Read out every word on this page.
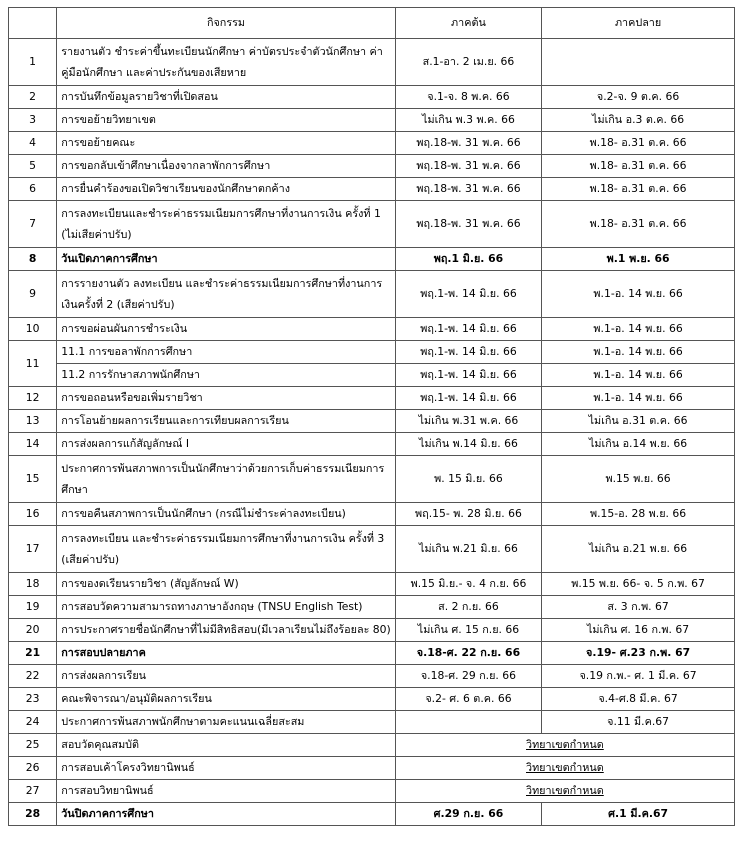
	กิจกรรม	ภาคต้น	ภาคปลาย
1	รายงานตัว ชำระค่าขึ้นทะเบียนนักศึกษา ค่าบัตรประจำตัวนักศึกษา ค่าคู่มือนักศึกษา และค่าประกันของเสียหาย	ส.1-อา. 2 เม.ย. 66	
2	การบันทึกข้อมูลรายวิชาที่เปิดสอน	จ.1-จ. 8 พ.ค. 66	จ.2-จ. 9 ต.ค. 66
3	การขอย้ายวิทยาเขต	ไม่เกิน พ.3 พ.ค. 66	ไม่เกิน อ.3 ต.ค. 66
4	การขอย้ายคณะ	พฤ.18-พ. 31 พ.ค. 66	พ.18- อ.31 ต.ค. 66
5	การขอกลับเข้าศึกษาเนื่องจากลาพักการศึกษา	พฤ.18-พ. 31 พ.ค. 66	พ.18- อ.31 ต.ค. 66
6	การยื่นคำร้องขอเปิดวิชาเรียนของนักศึกษาตกค้าง	พฤ.18-พ. 31 พ.ค. 66	พ.18- อ.31 ต.ค. 66
7	การลงทะเบียนและชำระค่าธรรมเนียมการศึกษาที่งานการเงิน ครั้งที่ 1 (ไม่เสียค่าปรับ)	พฤ.18-พ. 31 พ.ค. 66	พ.18- อ.31 ต.ค. 66
8	วันเปิดภาคการศึกษา	พฤ.1 มิ.ย. 66	พ.1 พ.ย. 66
9	การรายงานตัว ลงทะเบียน และชำระค่าธรรมเนียมการศึกษาที่งานการเงินครั้งที่ 2 (เสียค่าปรับ)	พฤ.1-พ. 14 มิ.ย. 66	พ.1-อ. 14 พ.ย. 66
10	การขอผ่อนผันการชำระเงิน	พฤ.1-พ. 14 มิ.ย. 66	พ.1-อ. 14 พ.ย. 66
11	11.1 การขอลาพักการศึกษา	พฤ.1-พ. 14 มิ.ย. 66	พ.1-อ. 14 พ.ย. 66
	11.2 การรักษาสภาพนักศึกษา	พฤ.1-พ. 14 มิ.ย. 66	พ.1-อ. 14 พ.ย. 66
12	การขอถอนหรือขอเพิ่มรายวิชา	พฤ.1-พ. 14 มิ.ย. 66	พ.1-อ. 14 พ.ย. 66
13	การโอนย้ายผลการเรียนและการเทียบผลการเรียน	ไม่เกิน พ.31 พ.ค. 66	ไม่เกิน อ.31 ต.ค. 66
14	การส่งผลการแก้สัญลักษณ์ I	ไม่เกิน พ.14 มิ.ย. 66	ไม่เกิน อ.14 พ.ย. 66
15	ประกาศการพ้นสภาพการเป็นนักศึกษาว่าด้วยการเก็บค่าธรรมเนียมการศึกษา	พ. 15 มิ.ย. 66	พ.15 พ.ย. 66
16	การขอคืนสภาพการเป็นนักศึกษา (กรณีไม่ชำระค่าลงทะเบียน)	พฤ.15- พ. 28 มิ.ย. 66	พ.15-อ. 28 พ.ย. 66
17	การลงทะเบียน และชำระค่าธรรมเนียมการศึกษาที่งานการเงิน ครั้งที่ 3 (เสียค่าปรับ)	ไม่เกิน พ.21 มิ.ย. 66	ไม่เกิน อ.21 พ.ย. 66
18	การของดเรียนรายวิชา (สัญลักษณ์ W)	พ.15 มิ.ย.- จ. 4 ก.ย. 66	พ.15 พ.ย. 66- จ. 5 ก.พ. 67
19	การสอบวัดความสามารถทางภาษาอังกฤษ (TNSU English Test)	ส. 2 ก.ย. 66	ส. 3 ก.พ. 67
20	การประกาศรายชื่อนักศึกษาที่ไม่มีสิทธิสอบ(มีเวลาเรียนไม่ถึงร้อยละ 80)	ไม่เกิน ศ. 15 ก.ย. 66	ไม่เกิน ศ. 16 ก.พ. 67
21	การสอบปลายภาค	จ.18-ศ. 22 ก.ย. 66	จ.19- ศ.23 ก.พ. 67
22	การส่งผลการเรียน	จ.18-ศ. 29 ก.ย. 66	จ.19 ก.พ.- ศ. 1 มี.ค. 67
23	คณะพิจารณา/อนุมัติผลการเรียน	จ.2- ศ. 6 ต.ค. 66	จ.4-ศ.8 มี.ค. 67
24	ประกาศการพ้นสภาพนักศึกษาตามคะแนนเฉลี่ยสะสม		จ.11 มี.ค.67
25	สอบวัดคุณสมบัติ	วิทยาเขตกำหนด	
26	การสอบเค้าโครงวิทยานิพนธ์	วิทยาเขตกำหนด	
27	การสอบวิทยานิพนธ์	วิทยาเขตกำหนด	
28	วันปิดภาคการศึกษา	ศ.29 ก.ย. 66	ศ.1 มี.ค.67
